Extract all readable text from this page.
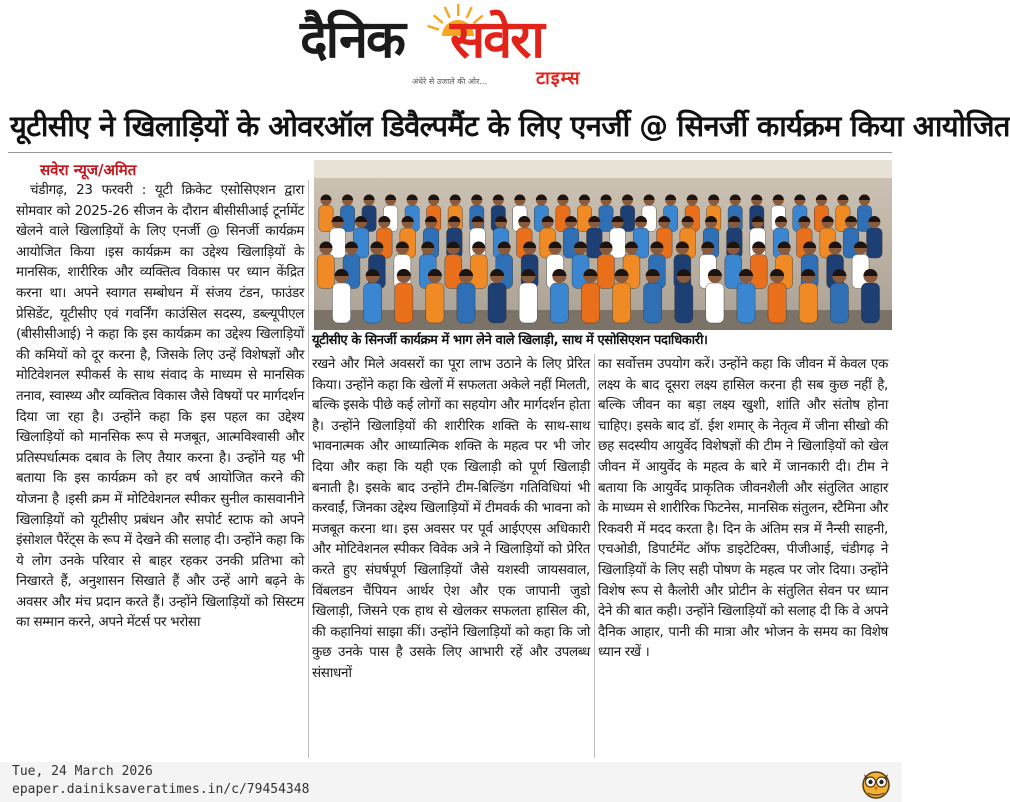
दैनिक सवेरा
अंधेरे से उजाले की ओर...	टाइम्स
यूटीसीए ने खिलाड़ियों के ओवरऑल डिवैल्पमैंट के लिए एनर्जी @ सिनर्जी कार्यक्रम किया आयोजित
सवेरा न्यूज/अमित
चंडीगढ़, 23 फरवरी : यूटी क्रिकेट एसोसिएशन द्वारा सोमवार को 2025-26 सीजन के दौरान बीसीसीआई टूर्नामेंट खेलने वाले खिलाड़ियों के लिए एनर्जी @ सिनर्जी कार्यक्रम आयोजित किया ।इस कार्यक्रम का उद्देश्य खिलाड़ियों के मानसिक, शारीरिक और व्यक्तित्व विकास पर ध्यान केंद्रित करना था। अपने स्वागत सम्बोधन में संजय टंडन, फाउंडर प्रेसिडेंट, यूटीसीए एवं गवर्निंग काउंसिल सदस्य, डब्ल्यूपीएल (बीसीसीआई) ने कहा कि इस कार्यक्रम का उद्देश्य खिलाड़ियों की कमियों को दूर करना है, जिसके लिए उन्हें विशेषज्ञों और मोटिवेशनल स्पीकर्स के साथ संवाद के माध्यम से मानसिक तनाव, स्वास्थ्य और व्यक्तित्व विकास जैसे विषयों पर मार्गदर्शन दिया जा रहा है। उन्होंने कहा कि इस पहल का उद्देश्य खिलाड़ियों को मानसिक रूप से मजबूत, आत्मविश्वासी और प्रतिस्पर्धात्मक दबाव के लिए तैयार करना है। उन्होंने यह भी बताया कि इस कार्यक्रम को हर वर्ष आयोजित करने की योजना है ।इसी क्रम में मोटिवेशनल स्पीकर सुनील कासवानीने खिलाड़ियों को यूटीसीए प्रबंधन और सपोर्ट स्टाफ को अपने इंसोशल पैरेंट्स के रूप में देखने की सलाह दी। उन्होंने कहा कि ये लोग उनके परिवार से बाहर रहकर उनकी प्रतिभा को निखारते हैं, अनुशासन सिखाते हैं और उन्हें आगे बढ़ने के अवसर और मंच प्रदान करते हैं। उन्होंने खिलाड़ियों को सिस्टम का सम्मान करने, अपने मेंटर्स पर भरोसा
यूटीसीए के सिनर्जी कार्यक्रम में भाग लेने वाले खिलाड़ी, साथ में एसोसिएशन पदाधिकारी।
रखने और मिले अवसरों का पूरा लाभ उठाने के लिए प्रेरित किया। उन्होंने कहा कि खेलों में सफलता अकेले नहीं मिलती, बल्कि इसके पीछे कई लोगों का सहयोग और मार्गदर्शन होता है। उन्होंने खिलाड़ियों की शारीरिक शक्ति के साथ-साथ भावनात्मक और आध्यात्मिक शक्ति के महत्व पर भी जोर दिया और कहा कि यही एक खिलाड़ी को पूर्ण खिलाड़ी बनाती है। इसके बाद उन्होंने टीम-बिल्डिंग गतिविधियां भी करवाईं, जिनका उद्देश्य खिलाड़ियों में टीमवर्क की भावना को मजबूत करना था। इस अवसर पर पूर्व आईएएस अधिकारी और मोटिवेशनल स्पीकर विवेक अत्रे ने खिलाड़ियों को प्रेरित करते हुए संघर्षपूर्ण खिलाड़ियों जैसे यशस्वी जायसवाल, विंबलडन चैंपियन आर्थर ऐश और एक जापानी जुडो खिलाड़ी, जिसने एक हाथ से खेलकर सफलता हासिल की, की कहानियां साझा कीं। उन्होंने खिलाड़ियों को कहा कि जो कुछ उनके पास है उसके लिए आभारी रहें और उपलब्ध संसाधनों
का सर्वोत्तम उपयोग करें। उन्होंने कहा कि जीवन में केवल एक लक्ष्य के बाद दूसरा लक्ष्य हासिल करना ही सब कुछ नहीं है, बल्कि जीवन का बड़ा लक्ष्य खुशी, शांति और संतोष होना चाहिए। इसके बाद डॉ. ईश शमार् के नेतृत्व में जीना सीखो की छह सदस्यीय आयुर्वेद विशेषज्ञों की टीम ने खिलाड़ियों को खेल जीवन में आयुर्वेद के महत्व के बारे में जानकारी दी। टीम ने बताया कि आयुर्वेद प्राकृतिक जीवनशैली और संतुलित आहार के माध्यम से शारीरिक फिटनेस, मानसिक संतुलन, स्टैमिना और रिकवरी में मदद करता है। दिन के अंतिम सत्र में नैन्सी साहनी, एचओडी, डिपार्टमेंट ऑफ डाइटेटिक्स, पीजीआई, चंडीगढ़ ने खिलाड़ियों के लिए सही पोषण के महत्व पर जोर दिया। उन्होंने विशेष रूप से कैलोरी और प्रोटीन के संतुलित सेवन पर ध्यान देने की बात कही। उन्होंने खिलाड़ियों को सलाह दी कि वे अपने दैनिक आहार, पानी की मात्रा और भोजन के समय का विशेष ध्यान रखें ।
Tue, 24 March 2026
epaper.dainiksaveratimes.in/c/79454348
